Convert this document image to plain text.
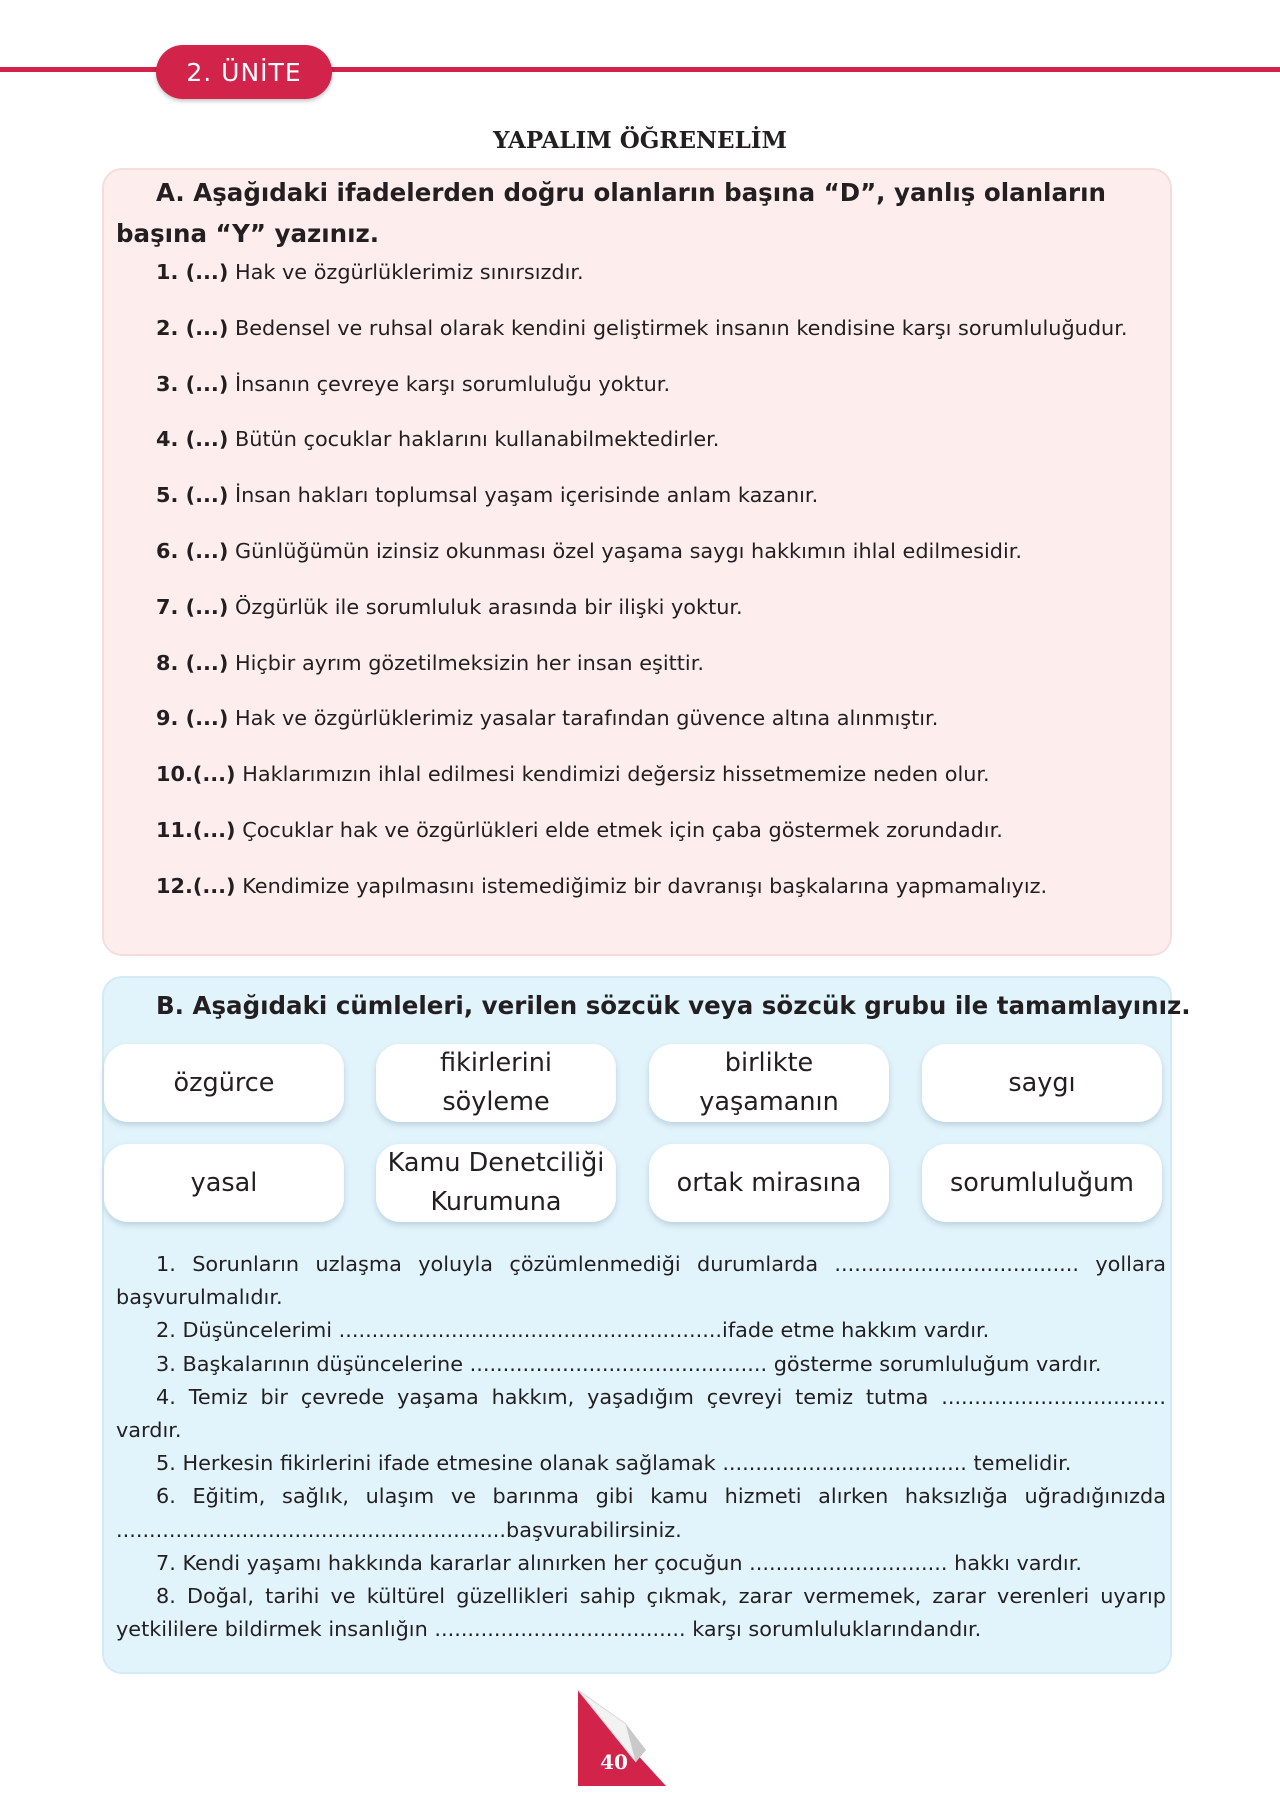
2. ÜNİTE
YAPALIM ÖĞRENELİM

A. Aşağıdaki ifadelerden doğru olanların başına “D”, yanlış olanların başına “Y” yazınız.

1. (...) Hak ve özgürlüklerimiz sınırsızdır.
2. (...) Bedensel ve ruhsal olarak kendini geliştirmek insanın kendisine karşı sorumluluğudur.
3. (...) İnsanın çevreye karşı sorumluluğu yoktur.
4. (...) Bütün çocuklar haklarını kullanabilmektedirler.
5. (...) İnsan hakları toplumsal yaşam içerisinde anlam kazanır.
6. (...) Günlüğümün izinsiz okunması özel yaşama saygı hakkımın ihlal edilmesidir.
7. (...) Özgürlük ile sorumluluk arasında bir ilişki yoktur.
8. (...) Hiçbir ayrım gözetilmeksizin her insan eşittir.
9. (...) Hak ve özgürlüklerimiz yasalar tarafından güvence altına alınmıştır.
10.(...) Haklarımızın ihlal edilmesi kendimizi değersiz hissetmemize neden olur.
11.(...) Çocuklar hak ve özgürlükleri elde etmek için çaba göstermek zorundadır.
12.(...) Kendimize yapılmasını istemediğimiz bir davranışı başkalarına yapmamalıyız.

B. Aşağıdaki cümleleri, verilen sözcük veya sözcük grubu ile tamamlayınız.

özgürce
fikirlerini
söyleme
birlikte
yaşamanın
saygı
yasal
Kamu Denetciliği
Kurumuna
ortak mirasına	sorumluluğum
1. Sorunların uzlaşma yoluyla çözümlenmediği durumlarda ..................................... yollara başvurulmalıdır.
2. Düşüncelerimi ..........................................................ifade etme hakkım vardır.
3. Başkalarının düşüncelerine ............................................. gösterme sorumluluğum vardır.
4. Temiz bir çevrede yaşama hakkım, yaşadığım çevreyi temiz tutma .................................. vardır.
5. Herkesin fikirlerini ifade etmesine olanak sağlamak ..................................... temelidir.
6. Eğitim, sağlık, ulaşım ve barınma gibi kamu hizmeti alırken haksızlığa uğradığınızda ...........................................................başvurabilirsiniz.
7. Kendi yaşamı hakkında kararlar alınırken her çocuğun .............................. hakkı vardır.
8. Doğal, tarihi ve kültürel güzellikleri sahip çıkmak, zarar vermemek, zarar verenleri uyarıp yetkililere bildirmek insanlığın ...................................... karşı sorumluluklarındandır.
40
